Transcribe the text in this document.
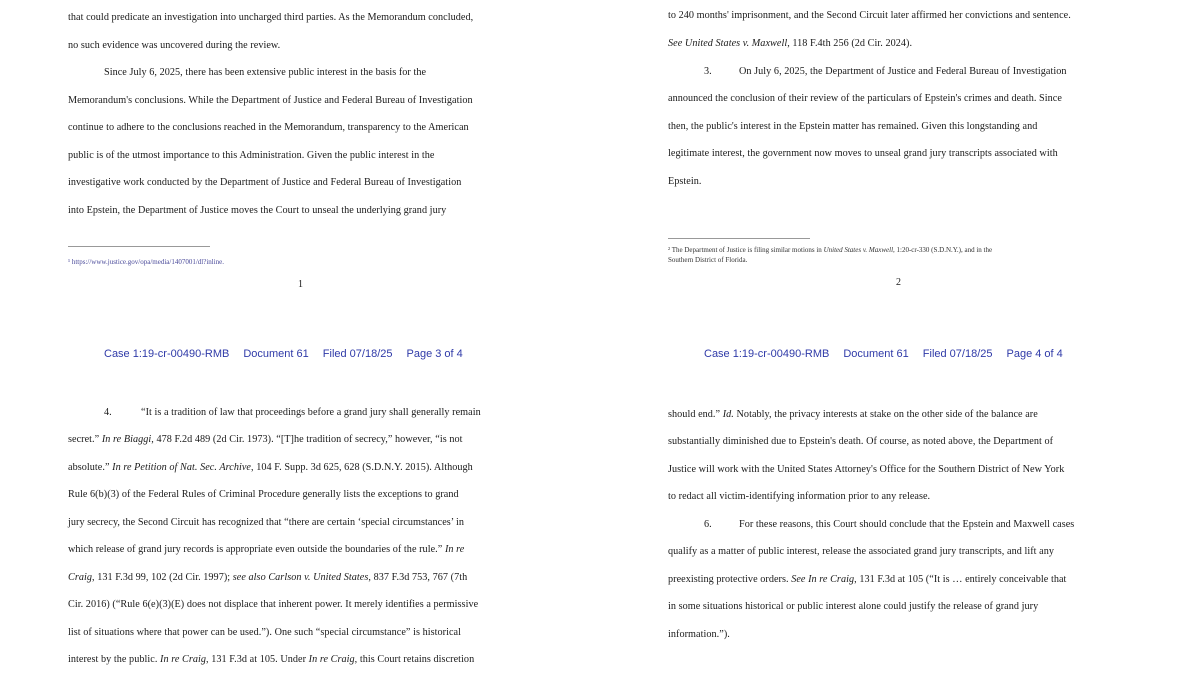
that could predicate an investigation into uncharged third parties. As the Memorandum concluded,
no such evidence was uncovered during the review.
Since July 6, 2025, there has been extensive public interest in the basis for the
Memorandum's conclusions. While the Department of Justice and Federal Bureau of Investigation
continue to adhere to the conclusions reached in the Memorandum, transparency to the American
public is of the utmost importance to this Administration. Given the public interest in the
investigative work conducted by the Department of Justice and Federal Bureau of Investigation
into Epstein, the Department of Justice moves the Court to unseal the underlying grand jury
¹ https://www.justice.gov/opa/media/1407001/dl?inline.
1
to 240 months' imprisonment, and the Second Circuit later affirmed her convictions and sentence.
See United States v. Maxwell, 118 F.4th 256 (2d Cir. 2024).
3.	On July 6, 2025, the Department of Justice and Federal Bureau of Investigation
announced the conclusion of their review of the particulars of Epstein's crimes and death. Since
then, the public's interest in the Epstein matter has remained. Given this longstanding and
legitimate interest, the government now moves to unseal grand jury transcripts associated with
Epstein.
² The Department of Justice is filing similar motions in United States v. Maxwell, 1:20-cr-330 (S.D.N.Y.), and in the
Southern District of Florida.
2
Case 1:19-cr-00490-RMB Document 61 Filed 07/18/25 Page 3 of 4	Case 1:19-cr-00490-RMB Document 61 Filed 07/18/25 Page 4 of 4
4.	“It is a tradition of law that proceedings before a grand jury shall generally remain
secret.” In re Biaggi, 478 F.2d 489 (2d Cir. 1973). “[T]he tradition of secrecy,” however, “is not
absolute.” In re Petition of Nat. Sec. Archive, 104 F. Supp. 3d 625, 628 (S.D.N.Y. 2015). Although
Rule 6(b)(3) of the Federal Rules of Criminal Procedure generally lists the exceptions to grand
jury secrecy, the Second Circuit has recognized that “there are certain ‘special circumstances’ in
which release of grand jury records is appropriate even outside the boundaries of the rule.” In re
Craig, 131 F.3d 99, 102 (2d Cir. 1997); see also Carlson v. United States, 837 F.3d 753, 767 (7th
Cir. 2016) (“Rule 6(e)(3)(E) does not displace that inherent power. It merely identifies a permissive
list of situations where that power can be used.”). One such “special circumstance” is historical
interest by the public. In re Craig, 131 F.3d at 105. Under In re Craig, this Court retains discretion
should end.” Id. Notably, the privacy interests at stake on the other side of the balance are
substantially diminished due to Epstein's death. Of course, as noted above, the Department of
Justice will work with the United States Attorney's Office for the Southern District of New York
to redact all victim-identifying information prior to any release.
6.	For these reasons, this Court should conclude that the Epstein and Maxwell cases
qualify as a matter of public interest, release the associated grand jury transcripts, and lift any
preexisting protective orders. See In re Craig, 131 F.3d at 105 (“It is … entirely conceivable that
in some situations historical or public interest alone could justify the release of grand jury
information.”).
